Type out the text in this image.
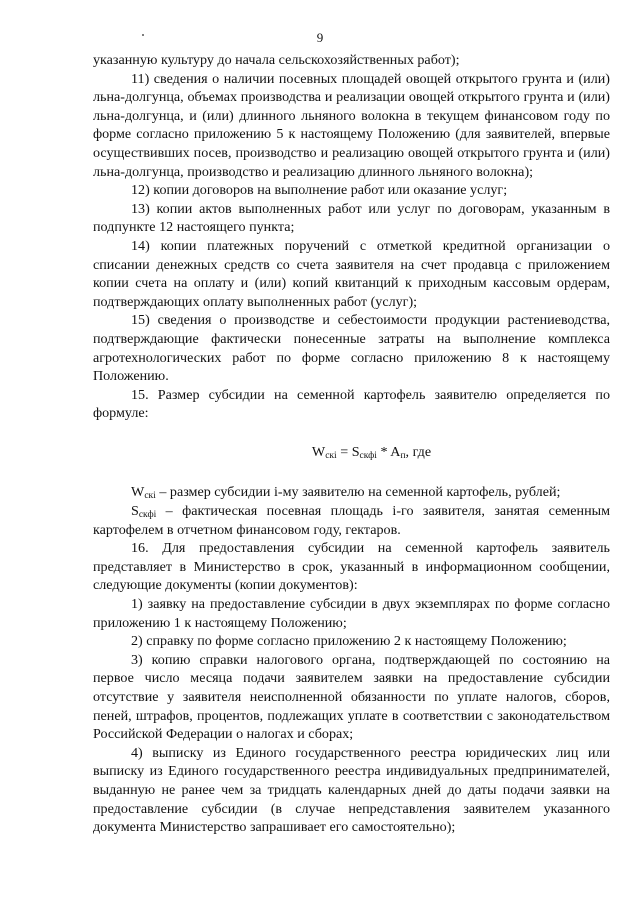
9

указанную культуру до начала сельскохозяйственных работ);

11) сведения о наличии посевных площадей овощей открытого грунта и (или) льна-долгунца, объемах производства и реализации овощей открытого грунта и (или) льна-долгунца, и (или) длинного льняного волокна в текущем финансовом году по форме согласно приложению 5 к настоящему Положению (для заявителей, впервые осуществивших посев, производство и реализацию овощей открытого грунта и (или) льна-долгунца, производство и реализацию длинного льняного волокна);

12) копии договоров на выполнение работ или оказание услуг;

13) копии актов выполненных работ или услуг по договорам, указанным в подпункте 12 настоящего пункта;

14) копии платежных поручений с отметкой кредитной организации о списании денежных средств со счета заявителя на счет продавца с приложением копии счета на оплату и (или) копий квитанций к приходным кассовым ордерам, подтверждающих оплату выполненных работ (услуг);

15) сведения о производстве и себестоимости продукции растениеводства, подтверждающие фактически понесенные затраты на выполнение комплекса агротехнологических работ по форме согласно приложению 8 к настоящему Положению.

15. Размер субсидии на семенной картофель заявителю определяется по формуле:

$W_{скi} = S_{скфi} * A_п$, где

$W_{скi}$ – размер субсидии i-му заявителю на семенной картофель, рублей;

$S_{скфi}$ – фактическая посевная площадь i-го заявителя, занятая семенным картофелем в отчетном финансовом году, гектаров.

16. Для предоставления субсидии на семенной картофель заявитель представляет в Министерство в срок, указанный в информационном сообщении, следующие документы (копии документов):

1) заявку на предоставление субсидии в двух экземплярах по форме согласно приложению 1 к настоящему Положению;

2) справку по форме согласно приложению 2 к настоящему Положению;

3) копию справки налогового органа, подтверждающей по состоянию на первое число месяца подачи заявителем заявки на предоставление субсидии отсутствие у заявителя неисполненной обязанности по уплате налогов, сборов, пеней, штрафов, процентов, подлежащих уплате в соответствии с законодательством Российской Федерации о налогах и сборах;

4) выписку из Единого государственного реестра юридических лиц или выписку из Единого государственного реестра индивидуальных предпринимателей, выданную не ранее чем за тридцать календарных дней до даты подачи заявки на предоставление субсидии (в случае непредставления заявителем указанного документа Министерство запрашивает его самостоятельно);
